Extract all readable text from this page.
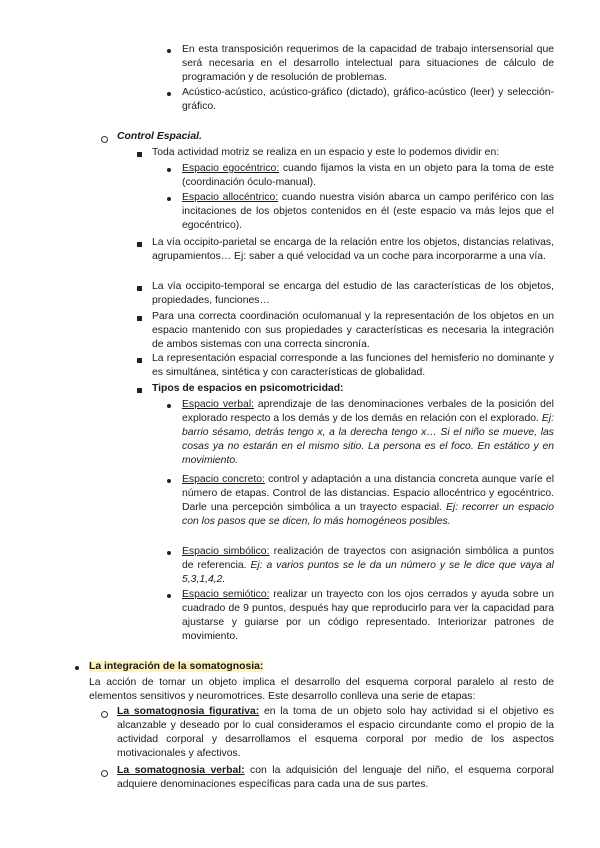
En esta transposición requerimos de la capacidad de trabajo intersensorial que será necesaria en el desarrollo intelectual para situaciones de cálculo de programación y de resolución de problemas.
Acústico-acústico, acústico-gráfico (dictado), gráfico-acústico (leer) y selección-gráfico.
Control Espacial.
Toda actividad motriz se realiza en un espacio y este lo podemos dividir en:
Espacio egocéntrico: cuando fijamos la vista en un objeto para la toma de este (coordinación óculo-manual).
Espacio allocéntrico: cuando nuestra visión abarca un campo periférico con las incitaciones de los objetos contenidos en él (este espacio va más lejos que el egocéntrico).
La vía occipito-parietal se encarga de la relación entre los objetos, distancias relativas, agrupamientos… Ej: saber a qué velocidad va un coche para incorporarme a una vía.
La vía occipito-temporal se encarga del estudio de las características de los objetos, propiedades, funciones…
Para una correcta coordinación oculomanual y la representación de los objetos en un espacio mantenido con sus propiedades y características es necesaria la integración de ambos sistemas con una correcta sincronía.
La representación espacial corresponde a las funciones del hemisferio no dominante y es simultánea, sintética y con características de globalidad.
Tipos de espacios en psicomotricidad:
Espacio verbal: aprendizaje de las denominaciones verbales de la posición del explorado respecto a los demás y de los demás en relación con el explorado. Ej: barrio sésamo, detrás tengo x, a la derecha tengo x… Si el niño se mueve, las cosas ya no estarán en el mismo sitio. La persona es el foco. En estático y en movimiento.
Espacio concreto: control y adaptación a una distancia concreta aunque varíe el número de etapas. Control de las distancias. Espacio allocéntrico y egocéntrico. Darle una percepción simbólica a un trayecto espacial. Ej: recorrer un espacio con los pasos que se dicen, lo más homogéneos posibles.
Espacio simbólico: realización de trayectos con asignación simbólica a puntos de referencia. Ej: a varios puntos se le da un número y se le dice que vaya al 5,3,1,4,2.
Espacio semiótico: realizar un trayecto con los ojos cerrados y ayuda sobre un cuadrado de 9 puntos, después hay que reproducirlo para ver la capacidad para ajustarse y guiarse por un código representado. Interiorizar patrones de movimiento.
La integración de la somatognosia:
La acción de tomar un objeto implica el desarrollo del esquema corporal paralelo al resto de elementos sensitivos y neuromotrices. Este desarrollo conlleva una serie de etapas:
La somatognosia figurativa: en la toma de un objeto solo hay actividad si el objetivo es alcanzable y deseado por lo cual consideramos el espacio circundante como el propio de la actividad corporal y desarrollamos el esquema corporal por medio de los aspectos motivacionales y afectivos.
La somatognosia verbal: con la adquisición del lenguaje del niño, el esquema corporal adquiere denominaciones específicas para cada una de sus partes.
